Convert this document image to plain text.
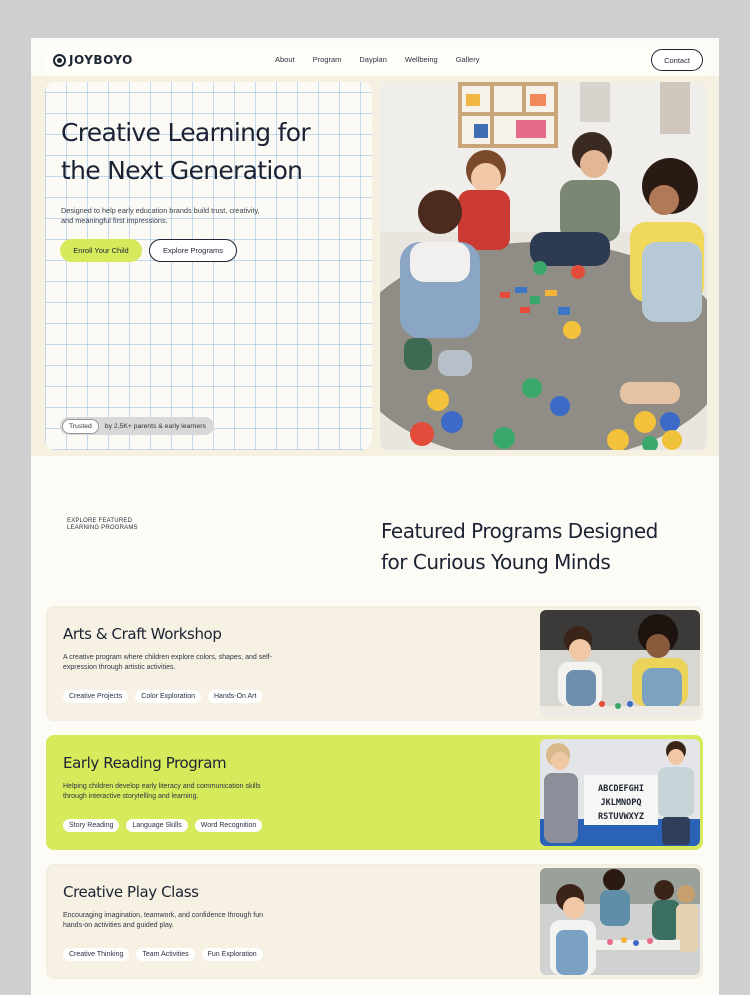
JOYBOYO	About Program Dayplan Wellbeing Gallery	Contact
Creative Learning for
the Next Generation
Designed to help early education brands build trust, creativity, and meaningful first impressions.
Enroll Your Child	Explore Programs
Trusted	by 2,5K+ parents & early learners
EXPLORE FEATURED
LEARNING PROGRAMS	Featured Programs Designed
for Curious Young Minds
Arts & Craft Workshop
A creative program where children explore colors, shapes, and self-expression through artistic activities.
Creative Projects	Color Exploration	Hands-On Art
Early Reading Program
Helping children develop early literacy and communication skills through interactive storytelling and learning.
Story Reading	Language Skills	Word Recognition
ABCDEFGHI
JKLMNOPQ
RSTUVWXYZ
Creative Play Class
Encouraging imagination, teamwork, and confidence through fun hands-on activities and guided play.
Creative Thinking	Team Activities	Fun Exploration
